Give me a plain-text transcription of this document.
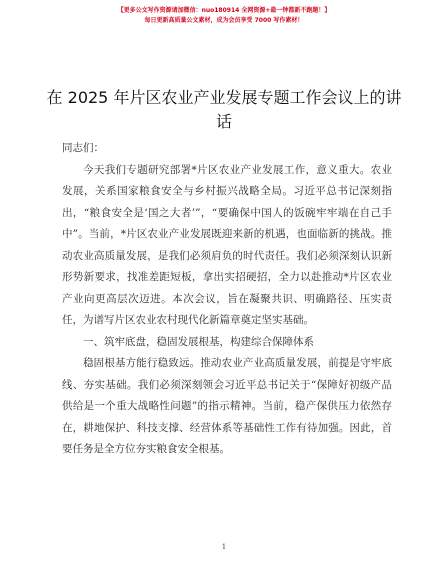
【更多公文写作资源请加微信：nuo180914 全网资源+最一钟都新不跑题！】
每日更新高质量公文素材，成为会员享受 7000 写作素材！
在 2025 年片区农业产业发展专题工作会议上的讲话

同志们：

今天我们专题研究部署*片区农业产业发展工作，意义重大。农业发展，关系国家粮食安全与乡村振兴战略全局。习近平总书记深刻指出，“粮食安全是‘国之大者’”，“要确保中国人的饭碗牢牢端在自己手中”。当前，*片区农业产业发展既迎来新的机遇，也面临新的挑战。推动农业高质量发展，是我们必须肩负的时代责任。我们必须深刻认识新形势新要求，找准差距短板，拿出实招硬招，全力以赴推动*片区农业产业向更高层次迈进。本次会议，旨在凝聚共识、明确路径、压实责任，为谱写片区农业农村现代化新篇章奠定坚实基础。

一、筑牢底盘，稳固发展根基，构建综合保障体系

稳固根基方能行稳致远。推动农业产业高质量发展，前提是守牢底线、夯实基础。我们必须深刻领会习近平总书记关于“保障好初级产品供给是一个重大战略性问题”的指示精神。当前，稳产保供压力依然存在，耕地保护、科技支撑、经营体系等基础性工作有待加强。因此，首要任务是全方位夯实粮食安全根基。

1
